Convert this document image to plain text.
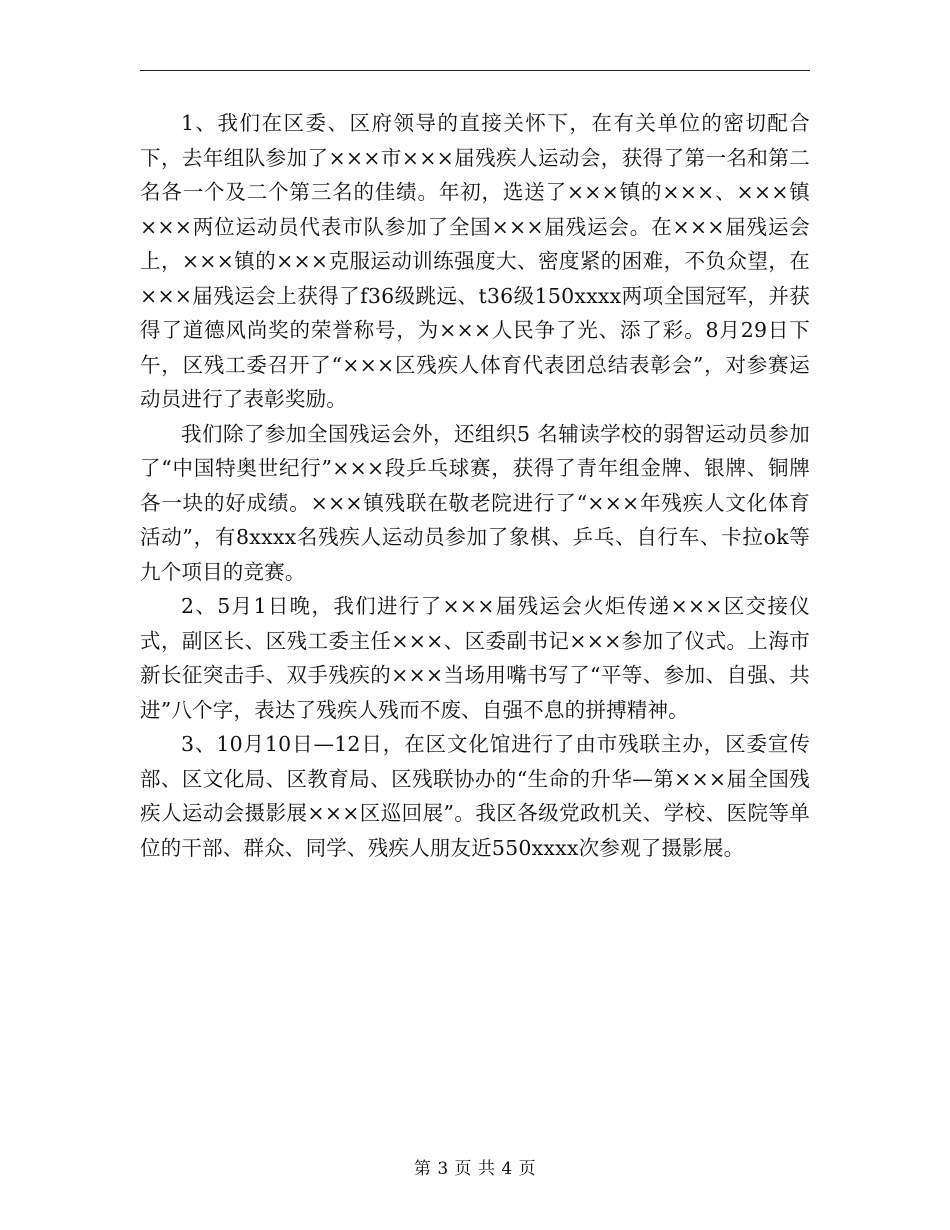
1、我们在区委、区府领导的直接关怀下，在有关单位的密切配合下，去年组队参加了×××市×××届残疾人运动会，获得了第一名和第二名各一个及二个第三名的佳绩。年初，选送了×××镇的×××、×××镇×××两位运动员代表市队参加了全国×××届残运会。在×××届残运会上，×××镇的×××克服运动训练强度大、密度紧的困难，不负众望，在×××届残运会上获得了f36级跳远、t36级150xxxx两项全国冠军，并获得了道德风尚奖的荣誉称号，为×××人民争了光、添了彩。8月29日下午，区残工委召开了“×××区残疾人体育代表团总结表彰会”，对参赛运动员进行了表彰奖励。

我们除了参加全国残运会外，还组织5 名辅读学校的弱智运动员参加了“中国特奥世纪行”×××段乒乓球赛，获得了青年组金牌、银牌、铜牌各一块的好成绩。×××镇残联在敬老院进行了“×××年残疾人文化体育活动”，有8xxxx名残疾人运动员参加了象棋、乒乓、自行车、卡拉ok等九个项目的竞赛。

2、5月1日晚，我们进行了×××届残运会火炬传递×××区交接仪式，副区长、区残工委主任×××、区委副书记×××参加了仪式。上海市新长征突击手、双手残疾的×××当场用嘴书写了“平等、参加、自强、共进”八个字，表达了残疾人残而不废、自强不息的拼搏精神。

3、10月10日—12日，在区文化馆进行了由市残联主办，区委宣传部、区文化局、区教育局、区残联协办的“生命的升华—第×××届全国残疾人运动会摄影展×××区巡回展”。我区各级党政机关、学校、医院等单位的干部、群众、同学、残疾人朋友近550xxxx次参观了摄影展。

第 3 页 共 4 页
